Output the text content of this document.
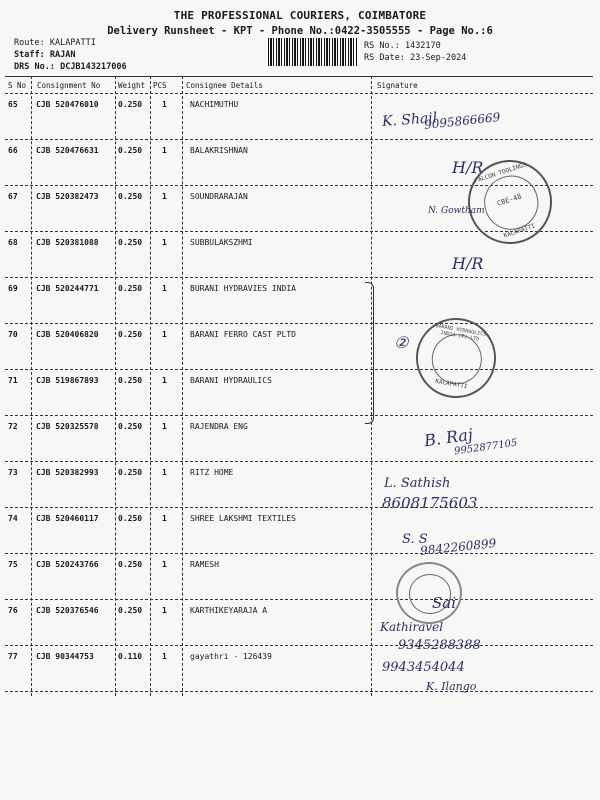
THE PROFESSIONAL COURIERS, COIMBATORE
Delivery Runsheet - KPT - Phone No.:0422-3505555 - Page No.:6
Route: KALAPATTI
Staff: RAJAN
DRS No.: DCJB143217006
RS No.: 1432170
RS Date: 23-Sep-2024
S No Consignment No Weight PCS	Consignee Details	Signature
65 CJB 520476010 0.250 1	NACHIMUTHU
66 CJB 520476631 0.250 1	BALAKRISHNAN
67 CJB 520382473 0.250 1	SOUNDRARAJAN
68 CJB 520381088 0.250 1	SUBBULAKSZHMI
69 CJB 520244771 0.250 1	BURANI HYDRAVIES INDIA
70 CJB 520406820 0.250 1	BARANI FERRO CAST PLTD
71 CJB 519867893 0.250 1	BARANI HYDRAULICS
72 CJB 520325578 0.250 1	RAJENDRA ENG
73 CJB 520382993 0.250 1	RITZ HOME
74 CJB 520460117 0.250 1	SHREE LAKSHMI TEXTILES
75 CJB 520243766 0.250 1	RAMESH
76 CJB 520376546 0.250 1	KARTHIKEYARAJA A
77 CJB 90344753	0.110 1	gayathri - 126439
K. Shail
9095866669
H/R
FALCON TOOLINGS
CBE-48
KALAPATTI
N. Gowtham
H/R
②
BARANI HYDRAULICS INDIA (P) LTD
KALAPATTI
B. Raj
9952877105
L. Sathish
8608175603
S. S
9842260899
Sai
Kathiravel
9345288388
9943454044
K. Ilango
